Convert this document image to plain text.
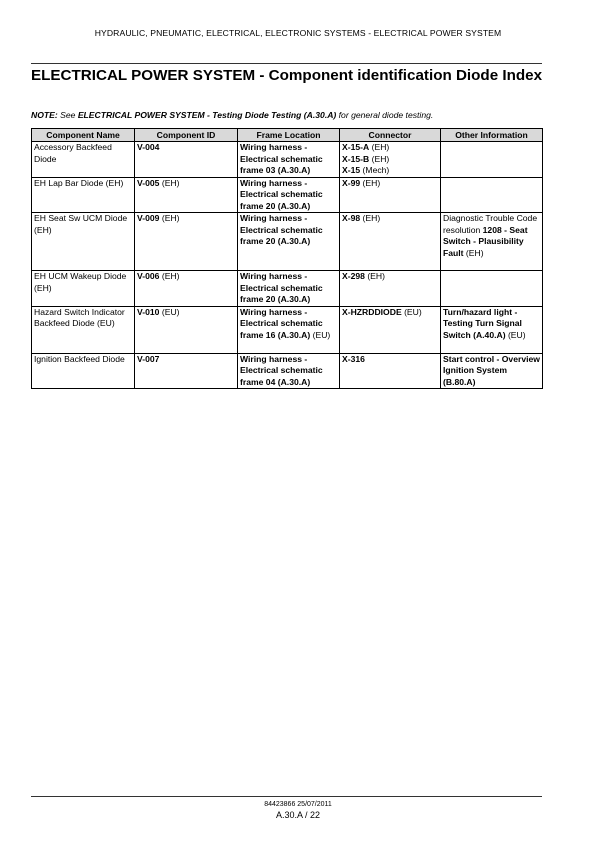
HYDRAULIC, PNEUMATIC, ELECTRICAL, ELECTRONIC SYSTEMS - ELECTRICAL POWER SYSTEM
ELECTRICAL POWER SYSTEM - Component identification Diode Index
NOTE: See ELECTRICAL POWER SYSTEM - Testing Diode Testing (A.30.A) for general diode testing.
Component Name	Component ID	Frame Location	Connector	Other Information
Accessory Backfeed Diode	V-004	Wiring harness - Electrical schematic frame 03 (A.30.A)	X-15-A (EH)
X-15-B (EH)
X-15 (Mech)	

EH Lap Bar Diode (EH)	V-005 (EH)	Wiring harness - Electrical schematic frame 20 (A.30.A)	X-99 (EH)	

EH Seat Sw UCM Diode (EH)	V-009 (EH)	Wiring harness - Electrical schematic frame 20 (A.30.A)	X-98 (EH)	Diagnostic Trouble Code resolution 1208 - Seat Switch - Plausibility Fault (EH)
EH UCM Wakeup Diode (EH)	V-006 (EH)	Wiring harness - Electrical schematic frame 20 (A.30.A)	X-298 (EH)	

Hazard Switch Indicator Backfeed Diode (EU)	V-010 (EU)	Wiring harness - Electrical schematic frame 16 (A.30.A) (EU)	X-HZRDDIODE (EU)	Turn/hazard light - Testing Turn Signal Switch (A.40.A) (EU)
Ignition Backfeed Diode	V-007	Wiring harness - Electrical schematic frame 04 (A.30.A)	X-316	Start control - Overview Ignition System (B.80.A)
84423866 25/07/2011
A.30.A / 22
